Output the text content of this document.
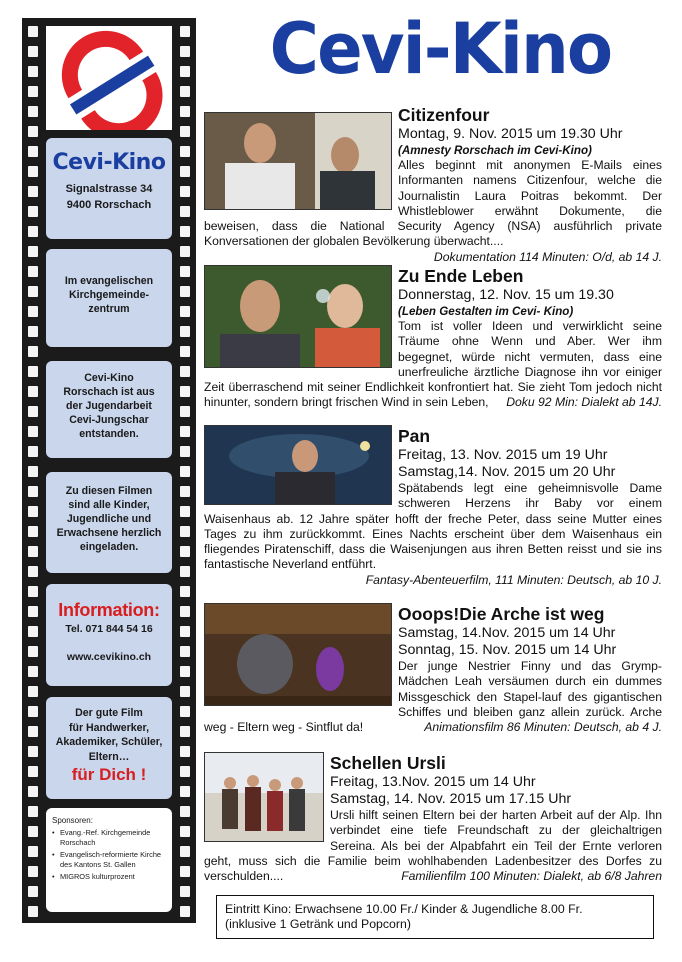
Cevi-Kino
Signalstrasse 34
9400 Rorschach
Im evangelischen
Kirchgemeinde-
zentrum
Cevi-Kino
Rorschach ist aus
der Jugendarbeit
Cevi-Jungschar
entstanden.
Zu diesen Filmen
sind alle Kinder,
Jugendliche und
Erwachsene herzlich
eingeladen.
Information:
Tel. 071 844 54 16
www.cevikino.ch
Der gute Film
für Handwerker,
Akademiker, Schüler,
Eltern…
für Dich !
Sponsoren:
• Evang.-Ref. Kirchgemeinde Rorschach
• Evangelisch-reformierte Kirche des Kantons St. Gallen
• MIGROS kulturprozent
Cevi-Kino
Citizenfour
Montag, 9. Nov. 2015 um 19.30 Uhr
(Amnesty Rorschach im Cevi-Kino)

Alles beginnt mit anonymen E-Mails eines Informanten namens Citizenfour, welche die Journalistin Laura Poitras bekommt. Der Whistleblower erwähnt Dokumente, die beweisen, dass die National Security Agency (NSA) ausführlich private Konversationen der globalen Bevölkerung überwacht....
Dokumentation 114 Minuten: O/d, ab 14 J.

Zu Ende Leben
Donnerstag, 12. Nov. 15 um 19.30
(Leben Gestalten im Cevi- Kino)

Tom ist voller Ideen und verwirklicht seine Träume ohne Wenn und Aber. Wer ihm begegnet, würde nicht vermuten, dass eine unerfreuliche ärztliche Diagnose ihn vor einiger Zeit überraschend mit seiner Endlichkeit konfrontiert hat. Sie zieht Tom jedoch nicht hinunter, sondern bringt frischen Wind in sein Leben, Doku 92 Min: Dialekt ab 14J.

Pan
Freitag, 13. Nov. 2015 um 19 Uhr
Samstag,14. Nov. 2015 um 20 Uhr

Spätabends legt eine geheimnisvolle Dame schweren Herzens ihr Baby vor einem Waisenhaus ab. 12 Jahre später hofft der freche Peter, dass seine Mutter eines Tages zu ihm zurückkommt. Eines Nachts erscheint über dem Waisenhaus ein fliegendes Piratenschiff, dass die Waisenjungen aus ihren Betten reisst und sie ins fantastische Neverland entführt.

Fantasy-Abenteuerfilm, 111 Minuten: Deutsch, ab 10 J.
Ooops!Die Arche ist weg
Samstag, 14.Nov. 2015 um 14 Uhr
Sonntag, 15. Nov. 2015 um 14 Uhr

Der junge Nestrier Finny und das Grymp-Mädchen Leah versäumen durch ein dummes Missgeschick den Stapel-lauf des gigantischen Schiffes und bleiben ganz allein zurück. Arche weg - Eltern weg - Sintflut da!	Animationsfilm 86 Minuten: Deutsch, ab 4 J.

Schellen Ursli
Freitag, 13.Nov. 2015 um 14 Uhr
Samstag, 14. Nov. 2015 um 17.15 Uhr

Ursli hilft seinen Eltern bei der harten Arbeit auf der Alp. Ihn verbindet eine tiefe Freundschaft zu der gleichaltrigen Sereina. Als bei der Alpabfahrt ein Teil der Ernte verloren geht, muss sich die Familie beim wohlhabenden Ladenbesitzer des Dorfes zu verschulden....	Familienfilm 100 Minuten: Dialekt, ab 6/8 Jahren

Eintritt Kino: Erwachsene 10.00 Fr./ Kinder & Jugendliche 8.00 Fr.
(inklusive 1 Getränk und Popcorn)
